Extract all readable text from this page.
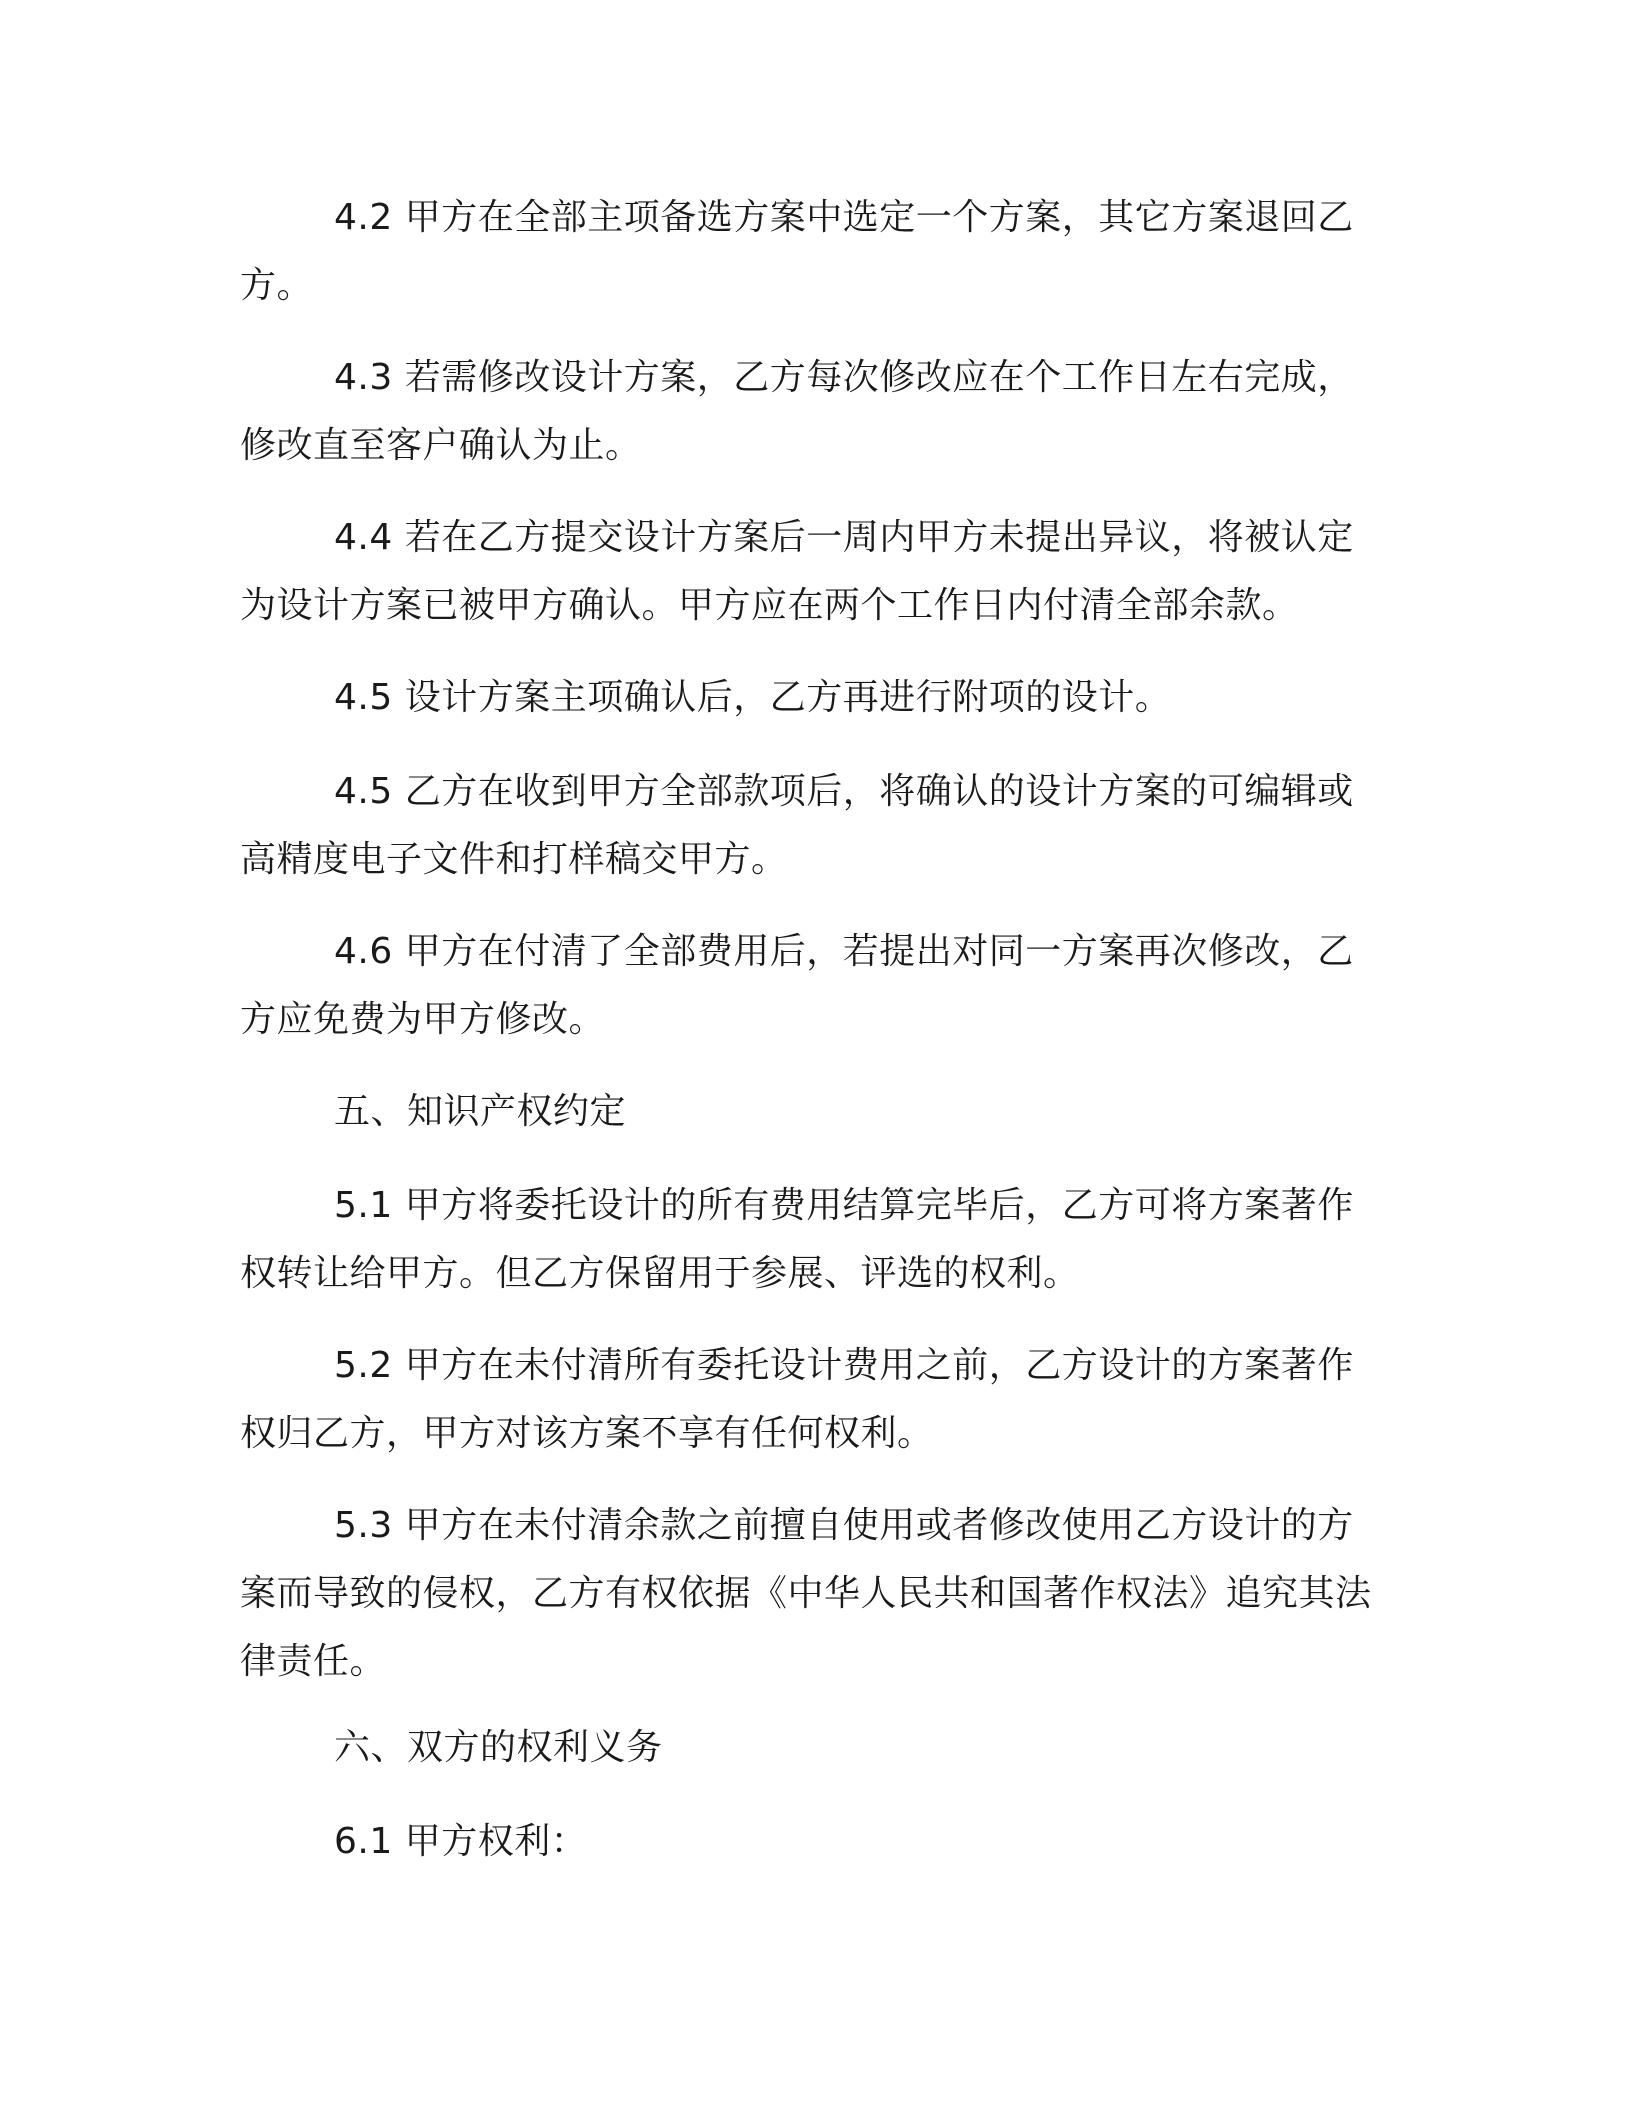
4.2 甲方在全部主项备选方案中选定一个方案，其它方案退回乙方。

4.3 若需修改设计方案，乙方每次修改应在个工作日左右完成，修改直至客户确认为止。

4.4 若在乙方提交设计方案后一周内甲方未提出异议，将被认定为设计方案已被甲方确认。甲方应在两个工作日内付清全部余款。

4.5 设计方案主项确认后，乙方再进行附项的设计。

4.5 乙方在收到甲方全部款项后，将确认的设计方案的可编辑或高精度电子文件和打样稿交甲方。

4.6 甲方在付清了全部费用后，若提出对同一方案再次修改，乙方应免费为甲方修改。

五、知识产权约定

5.1 甲方将委托设计的所有费用结算完毕后，乙方可将方案著作权转让给甲方。但乙方保留用于参展、评选的权利。

5.2 甲方在未付清所有委托设计费用之前，乙方设计的方案著作权归乙方，甲方对该方案不享有任何权利。

5.3 甲方在未付清余款之前擅自使用或者修改使用乙方设计的方案而导致的侵权，乙方有权依据《中华人民共和国著作权法》追究其法律责任。

六、双方的权利义务

6.1 甲方权利：
